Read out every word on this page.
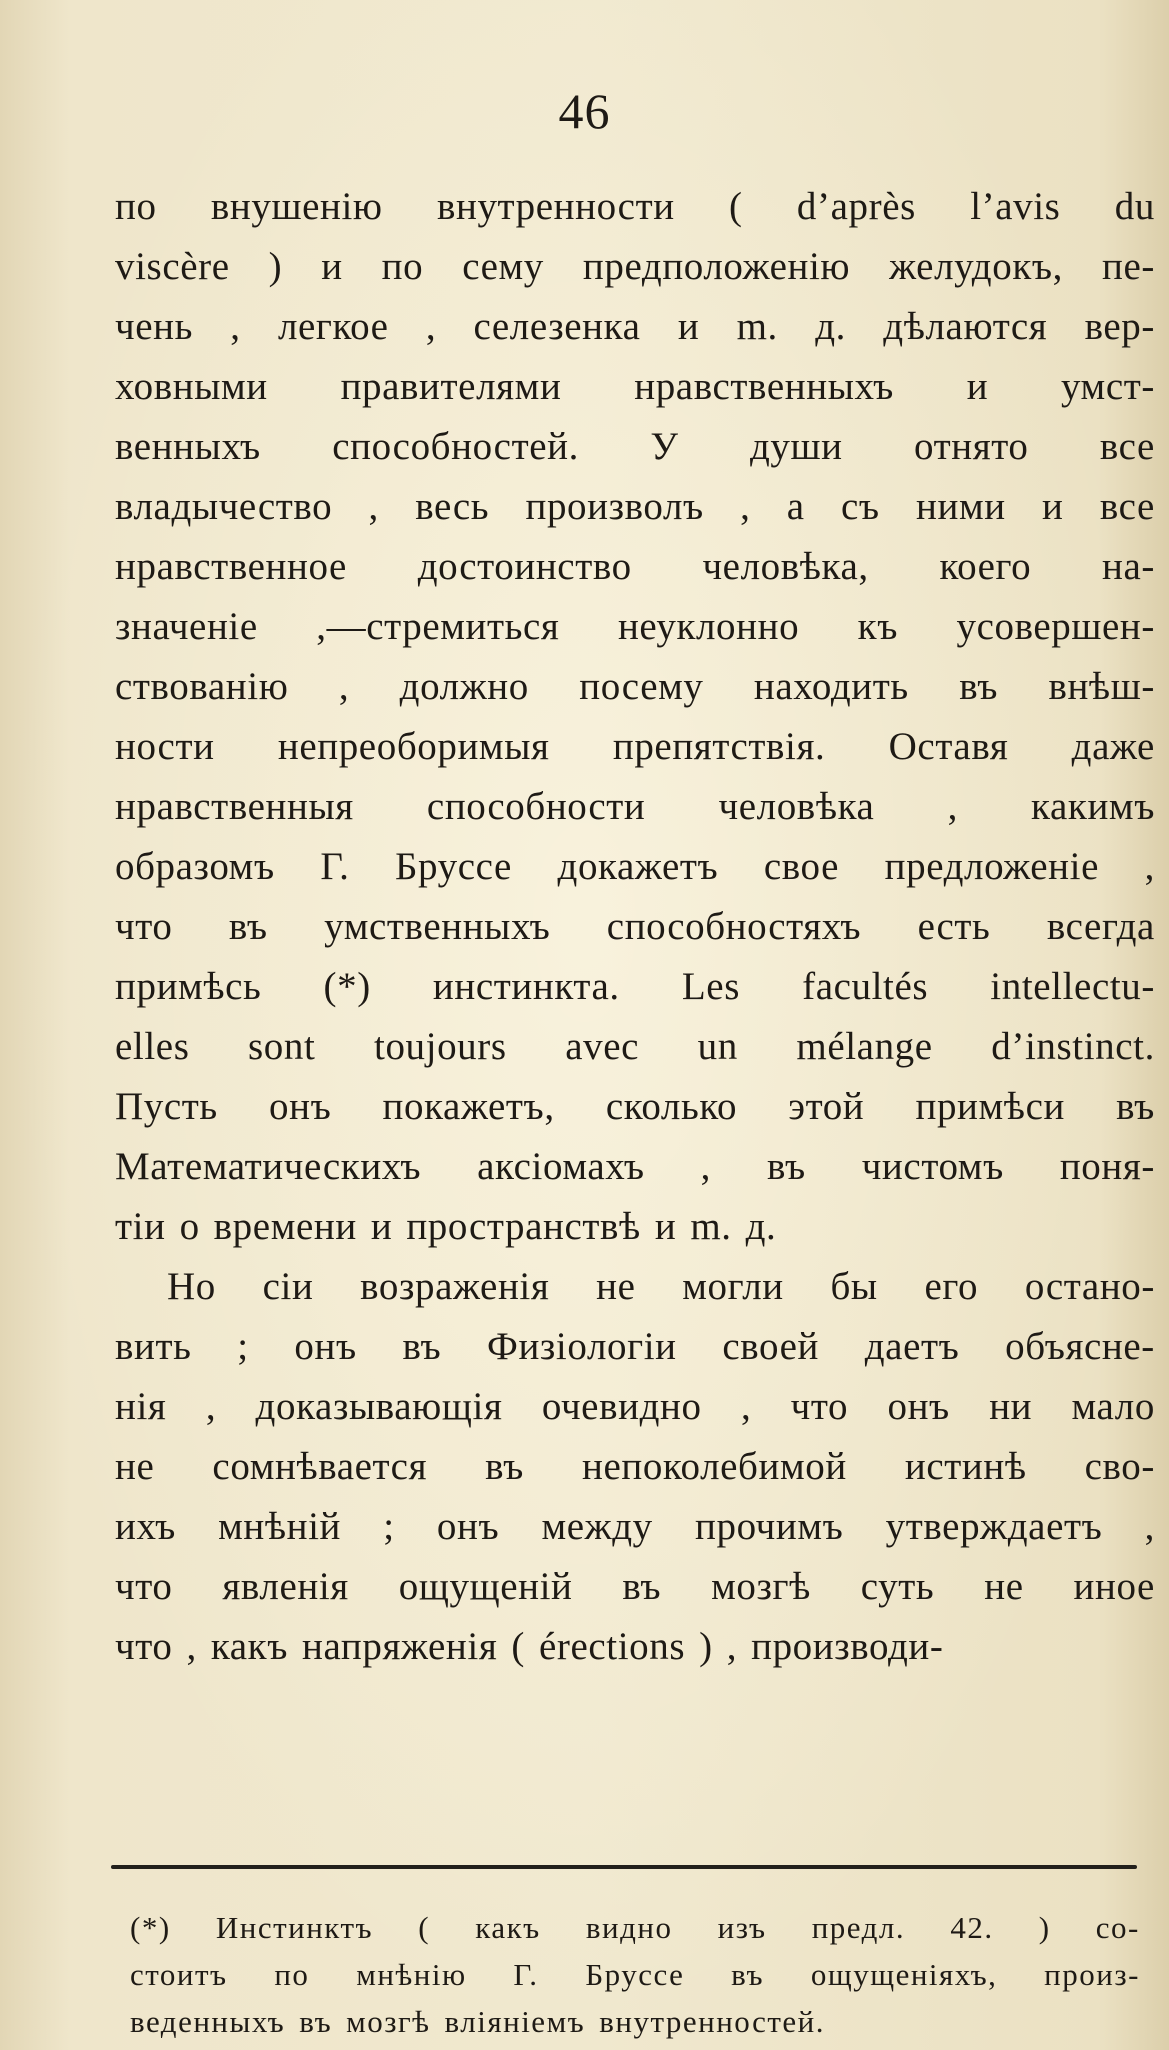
46
по внушенію внутренности ( d’après l’avis du
viscère ) и по сему предположенію желудокъ, пе-
чень , легкое , селезенка и m. д. дѣлаются вер-
ховными правителями нравственныхъ и умст-
венныхъ способностей. У души отнято все
владычество , весь произволъ , а съ ними и все
нравственное достоинство человѣка, коего на-
значеніе ,—стремиться неуклонно къ усовершен-
ствованію , должно посему находить въ внѣш-
ности непреоборимыя препятствія. Оставя даже
нравственныя способности человѣка , какимъ
образомъ Г. Бруссе докажетъ свое предложеніе ,
что въ умственныхъ способностяхъ есть всегда
примѣсь (*) инстинкта. Les facultés intellectu-
elles sont toujours avec un mélange d’instinct.
Пусть онъ покажетъ, сколько этой примѣси въ
Математическихъ аксіомахъ , въ чистомъ поня-
тіи о времени и пространствѣ и m. д.
Но сіи возраженія не могли бы его остано-
вить ; онъ въ Физіологіи своей даетъ объясне-
нія , доказывающія очевидно , что онъ ни мало
не сомнѣвается въ непоколебимой истинѣ сво-
ихъ мнѣній ; онъ между прочимъ утверждаетъ ,
что явленія ощущеній въ мозгѣ суть не иное
что , какъ напряженія ( érections ) , производи-
(*) Инстинктъ ( какъ видно изъ предл. 42. ) со-
стоитъ по мнѣнію Г. Бруссе въ ощущеніяхъ, произ-
веденныхъ въ мозгѣ вліяніемъ внутренностей.
